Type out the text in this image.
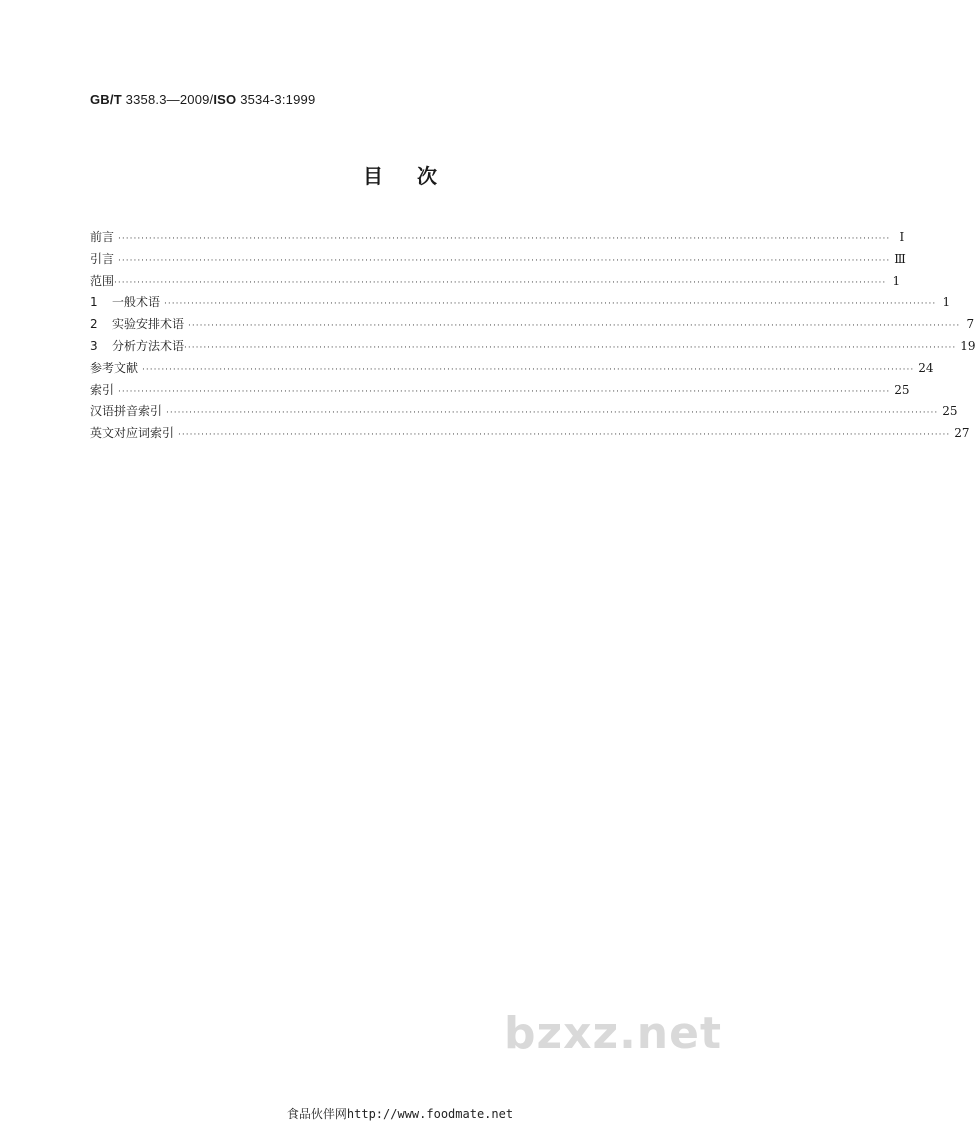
GB/T 3358.3—2009/ISO 3534-3:1999
目次
前言 ········································································································································································································ I
引言 ········································································································································································································ Ⅲ
范围 ········································································································································································································ 1
1 一般术语 ········································································································································································································ 1
2 实验安排术语 ········································································································································································································ 7
3 分析方法术语 ········································································································································································································ 19
参考文献 ········································································································································································································ 24
索引 ········································································································································································································ 25
汉语拼音索引 ········································································································································································································ 25
英文对应词索引 ········································································································································································································ 27
bzxz.net
食品伙伴网http://www.foodmate.net
